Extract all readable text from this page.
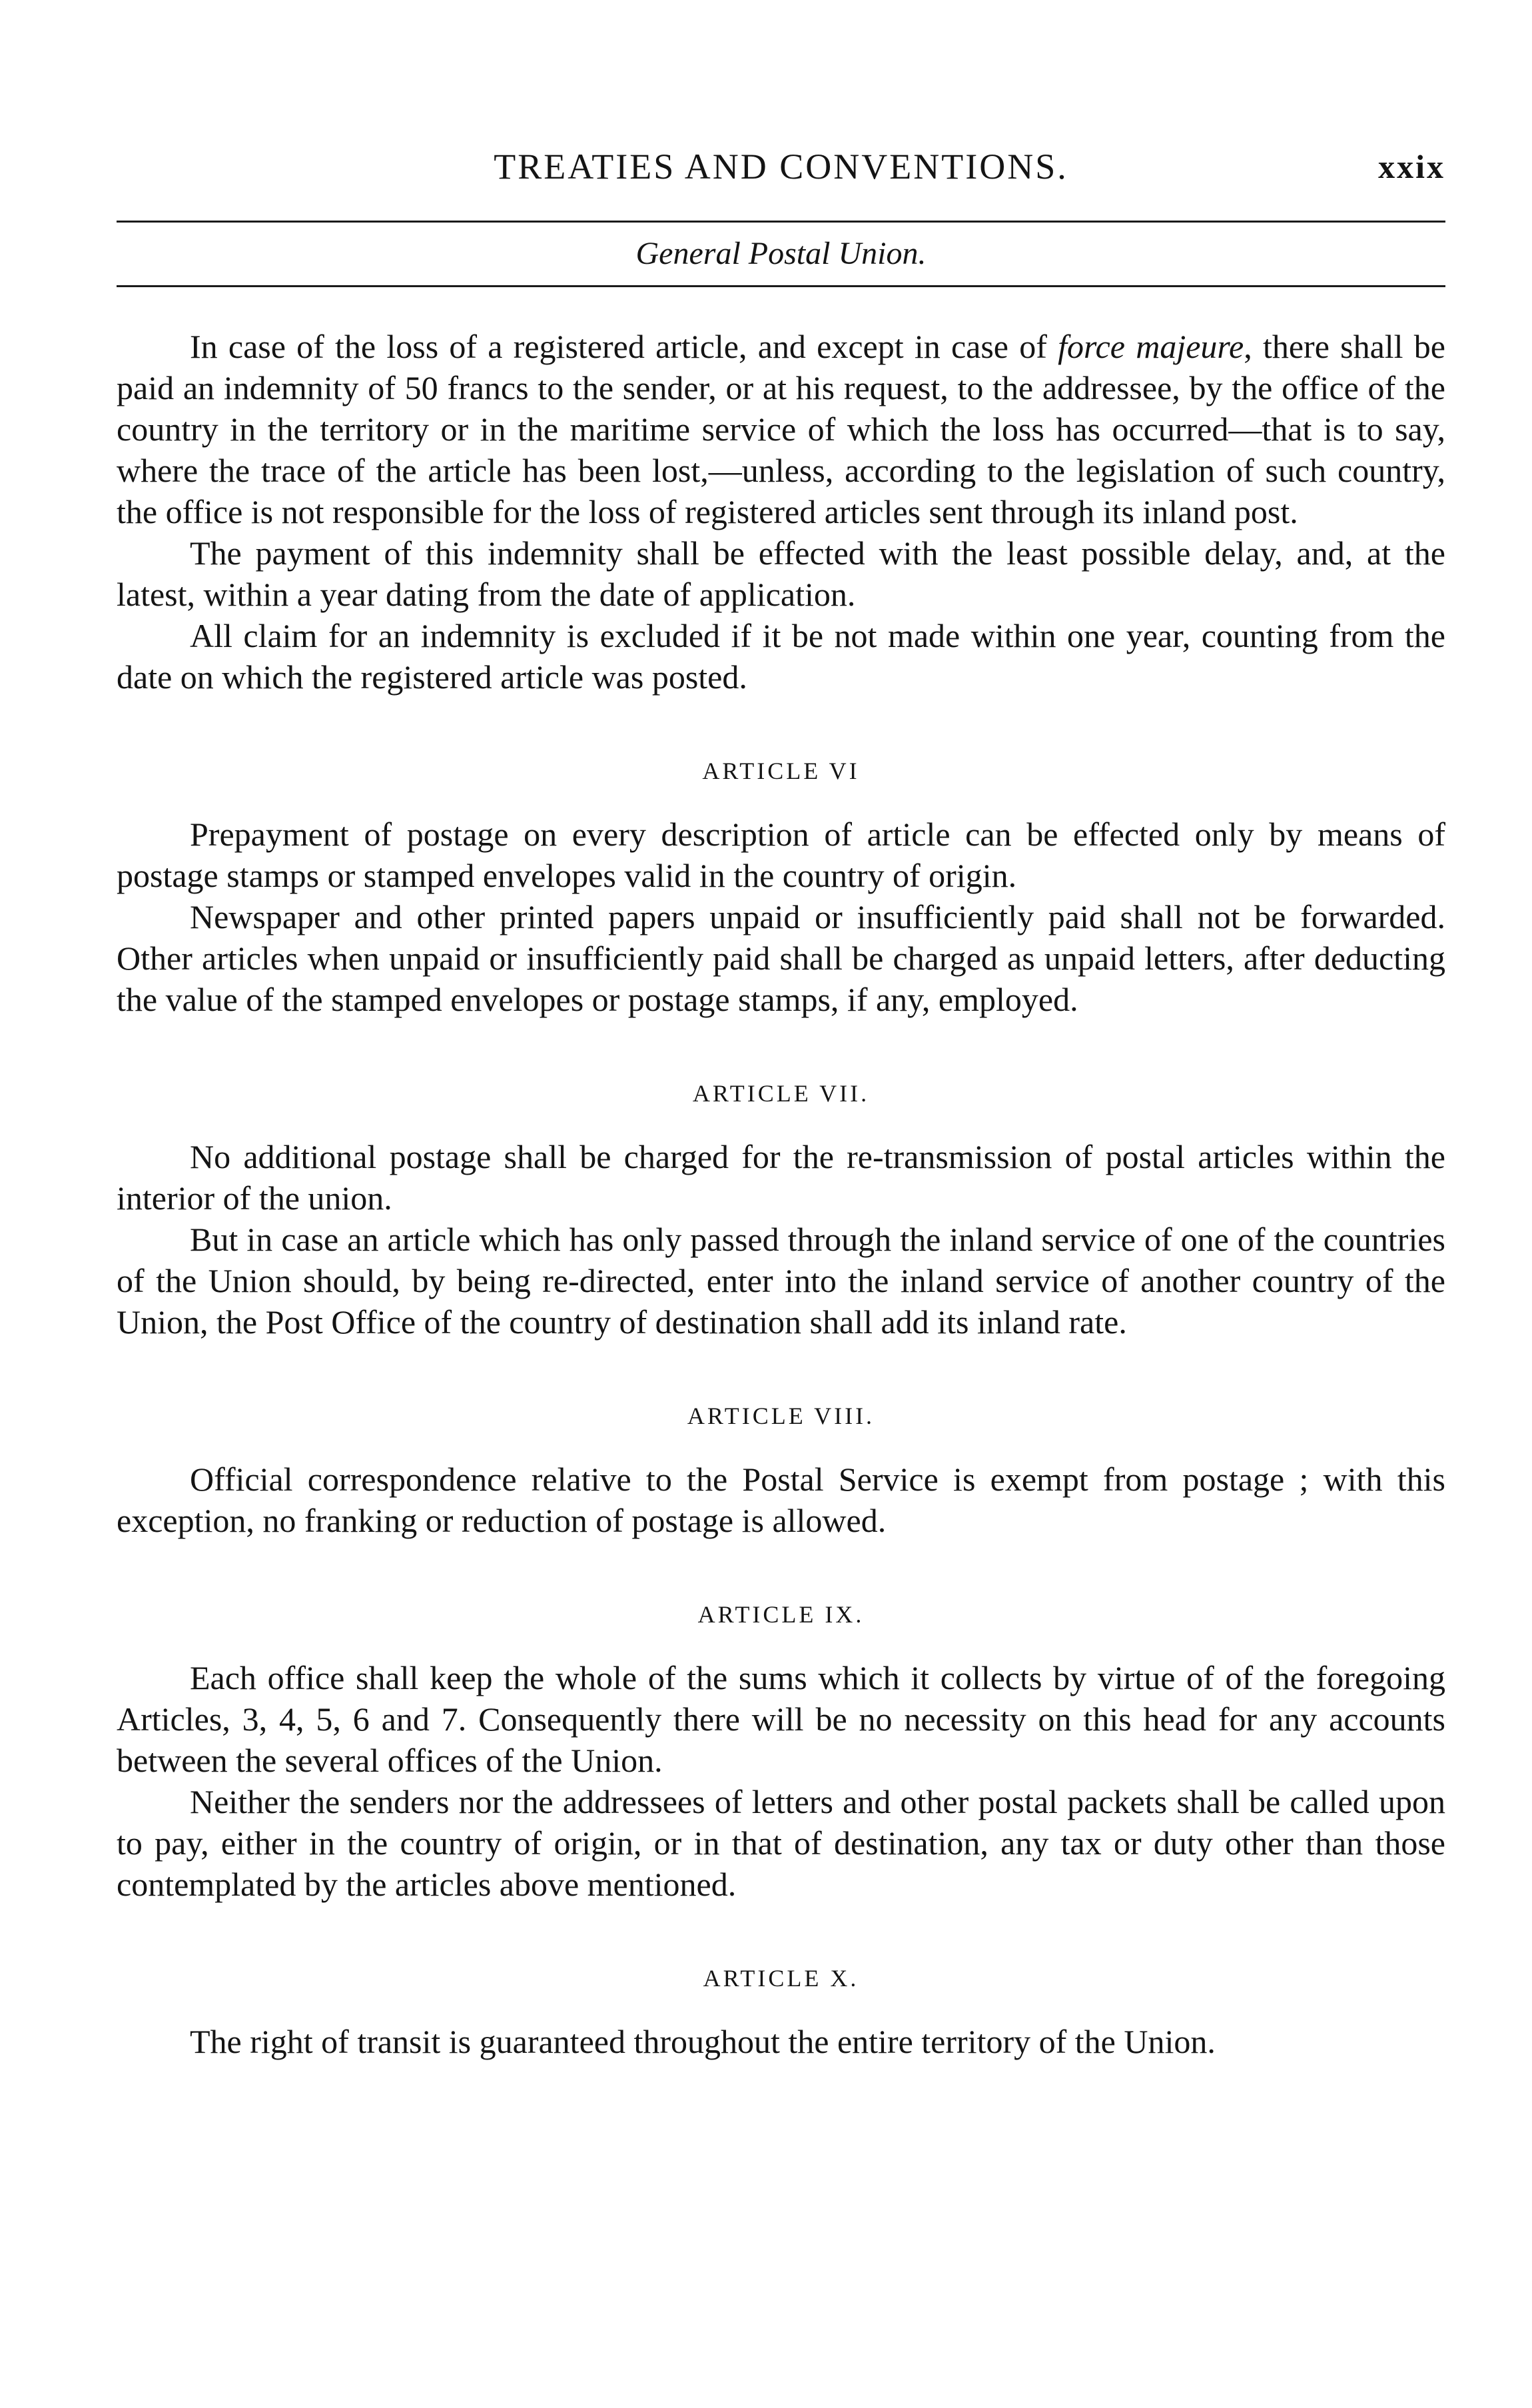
TREATIES AND CONVENTIONS.	xxix
General Postal Union.

In case of the loss of a registered article, and except in case of force majeure, there shall be paid an indemnity of 50 francs to the sender, or at his request, to the addressee, by the office of the country in the territory or in the maritime service of which the loss has occurred—that is to say, where the trace of the article has been lost,—unless, according to the legislation of such country, the office is not responsible for the loss of registered articles sent through its inland post.

The payment of this indemnity shall be effected with the least possible delay, and, at the latest, within a year dating from the date of application.

All claim for an indemnity is excluded if it be not made within one year, counting from the date on which the registered article was posted.

ARTICLE VI

Prepayment of postage on every description of article can be effected only by means of postage stamps or stamped envelopes valid in the country of origin.

Newspaper and other printed papers unpaid or insufficiently paid shall not be forwarded. Other articles when unpaid or insufficiently paid shall be charged as unpaid letters, after deducting the value of the stamped envelopes or postage stamps, if any, employed.

ARTICLE VII.

No additional postage shall be charged for the re-transmission of postal articles within the interior of the union.

But in case an article which has only passed through the inland service of one of the countries of the Union should, by being re-directed, enter into the inland service of another country of the Union, the Post Office of the country of destination shall add its inland rate.

ARTICLE VIII.

Official correspondence relative to the Postal Service is exempt from postage ; with this exception, no franking or reduction of postage is allowed.

ARTICLE IX.

Each office shall keep the whole of the sums which it collects by virtue of of the foregoing Articles, 3, 4, 5, 6 and 7. Consequently there will be no necessity on this head for any accounts between the several offices of the Union.

Neither the senders nor the addressees of letters and other postal packets shall be called upon to pay, either in the country of origin, or in that of destination, any tax or duty other than those contemplated by the articles above mentioned.

ARTICLE X.

The right of transit is guaranteed throughout the entire territory of the Union.
